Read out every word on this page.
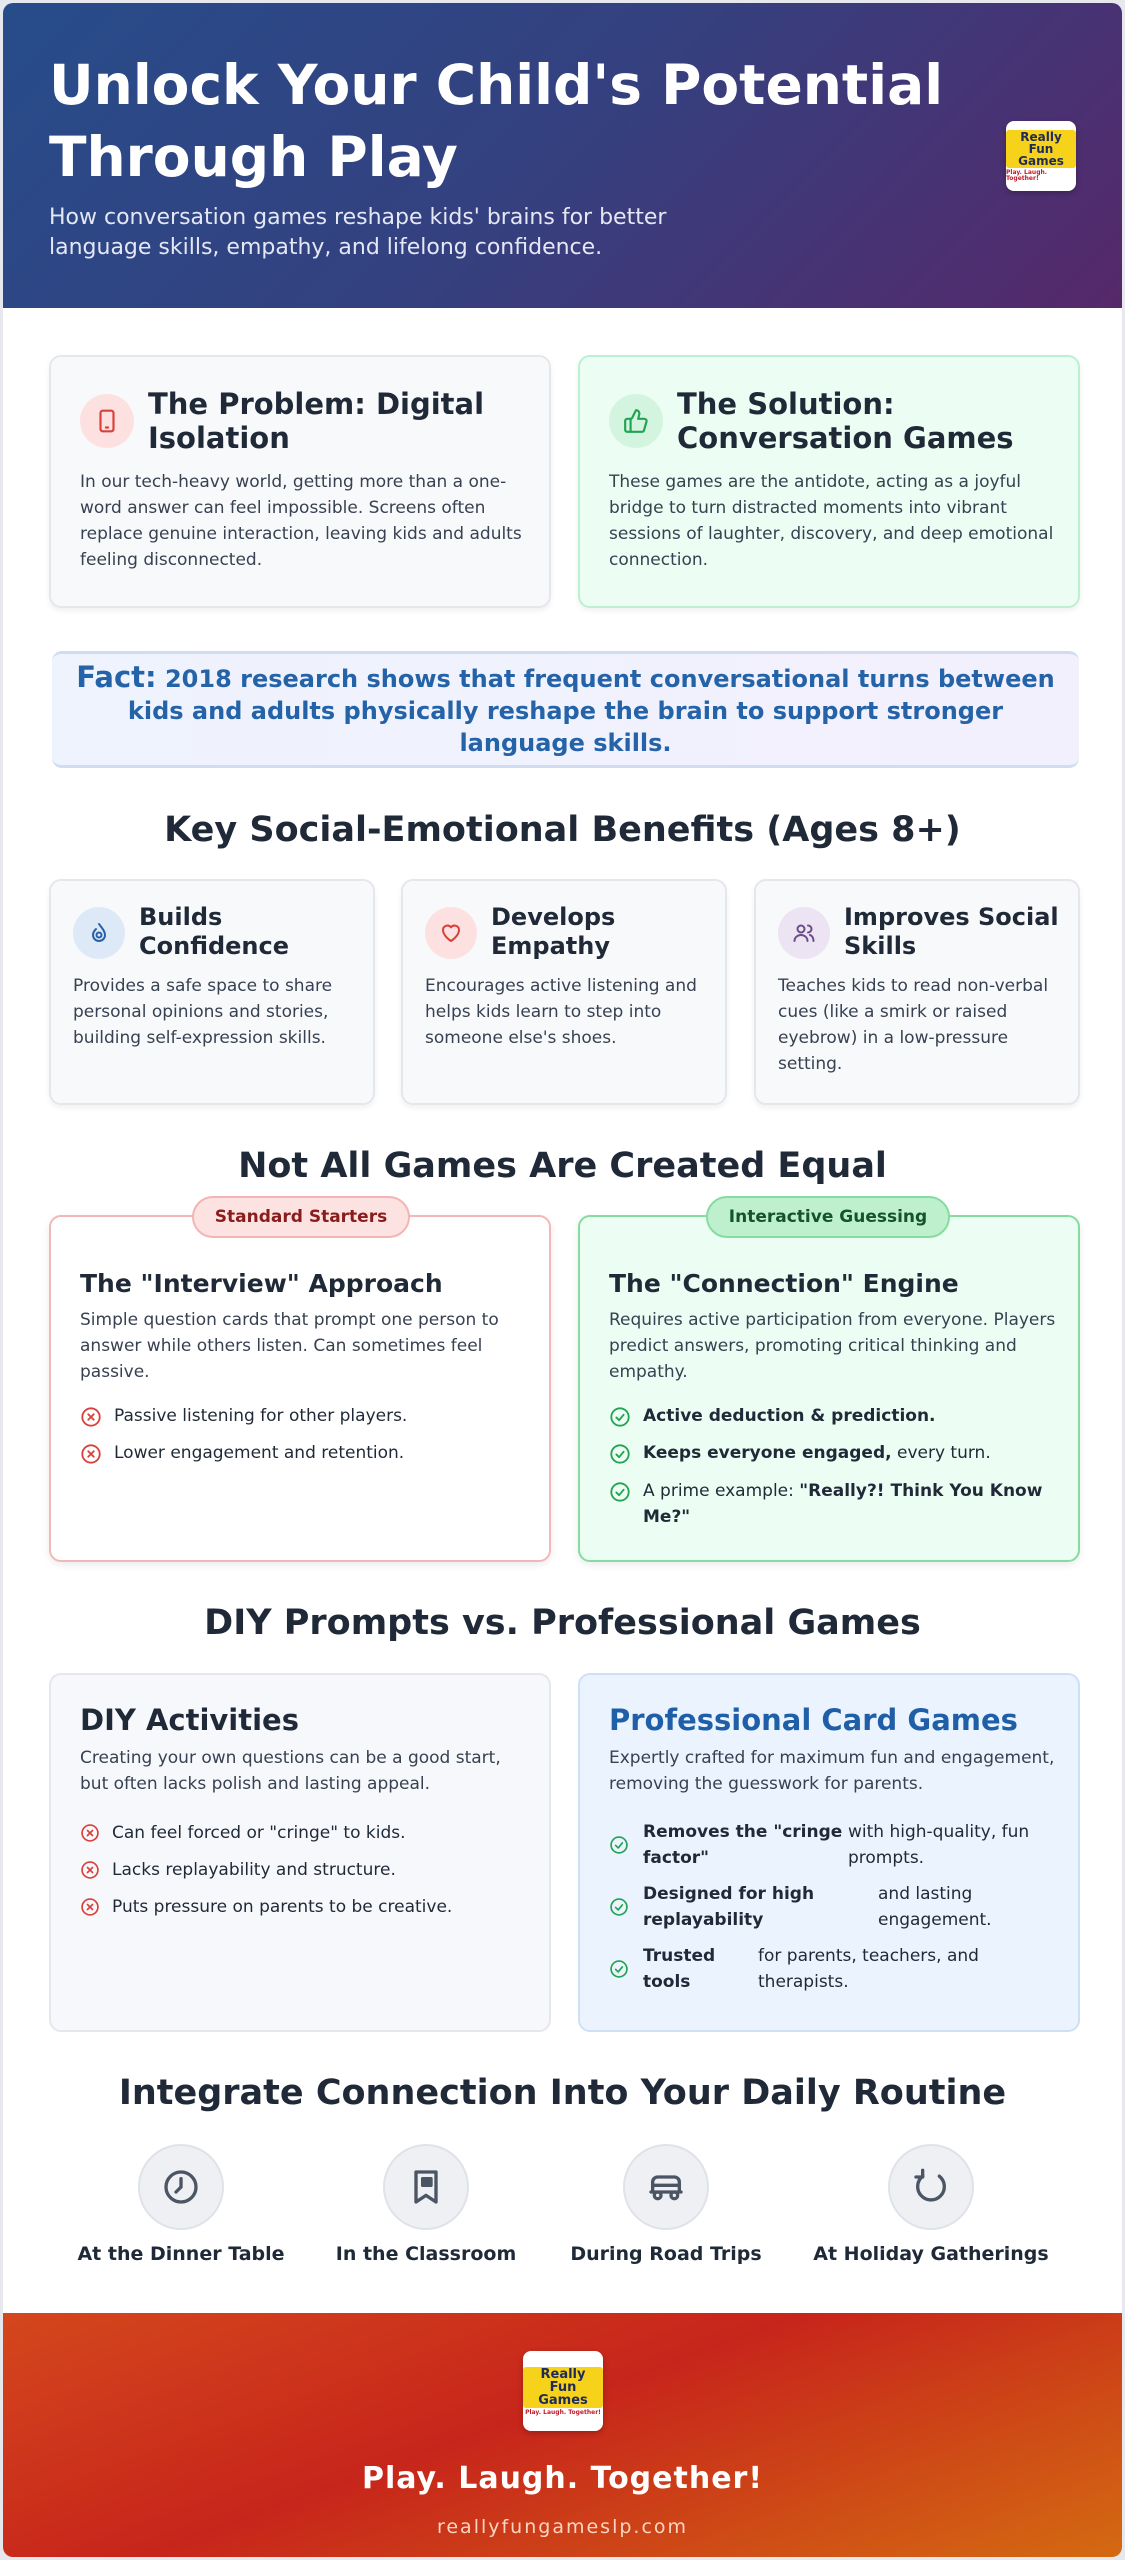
Unlock Your Child's Potential Through Play

How conversation games reshape kids' brains for better language skills, empathy, and lifelong confidence.

Really Fun Games
Play. Laugh. Together!
The Problem: Digital Isolation

In our tech-heavy world, getting more than a one-word answer can feel impossible. Screens often replace genuine interaction, leaving kids and adults feeling disconnected.

The Solution: Conversation Games

These games are the antidote, acting as a joyful bridge to turn distracted moments into vibrant sessions of laughter, discovery, and deep emotional connection.

Fact: 2018 research shows that frequent conversational turns between kids and adults physically reshape the brain to support stronger language skills.
Key Social-Emotional Benefits (Ages 8+)
Builds Confidence

Provides a safe space to share personal opinions and stories, building self-expression skills.

Develops Empathy

Encourages active listening and helps kids learn to step into someone else's shoes.

Improves Social Skills

Teaches kids to read non-verbal cues (like a smirk or raised eyebrow) in a low-pressure setting.

Not All Games Are Created Equal
The "Interview" Approach

Simple question cards that prompt one person to answer while others listen. Can sometimes feel passive.

Passive listening for other players.
Lower engagement and retention.
Standard Starters
The "Connection" Engine

Requires active participation from everyone. Players predict answers, promoting critical thinking and empathy.

Active deduction & prediction.
Keeps everyone engaged, every turn.
A prime example: "Really?! Think You Know Me?"
Interactive Guessing
DIY Prompts vs. Professional Games
DIY Activities

Creating your own questions can be a good start, but often lacks polish and lasting appeal.

Can feel forced or "cringe" to kids.
Lacks replayability and structure.
Puts pressure on parents to be creative.
Professional Card Games

Expertly crafted for maximum fun and engagement, removing the guesswork for parents.

Removes the "cringe factor"
with high-quality, fun prompts.
Designed for high replayability
and lasting engagement.
Trusted tools
for parents, teachers, and therapists.
Integrate Connection Into Your Daily Routine
At the Dinner Table	In the Classroom	During Road Trips	At Holiday Gatherings
Really Fun Games
Play. Laugh. Together!
Play. Laugh. Together!
reallyfungameslp.com
